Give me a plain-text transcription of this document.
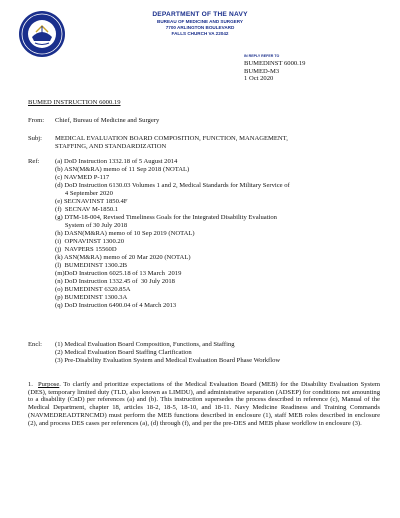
DEPARTMENT OF THE NAVY
BUREAU OF MEDICINE AND SURGERY
7700 ARLINGTON BOULEVARD
FALLS CHURCH VA 22042
IN REPLY REFER TO
BUMEDINST 6000.19
BUMED-M3
1 Oct 2020
BUMED INSTRUCTION 6000.19
From: Chief, Bureau of Medicine and Surgery
Subj: MEDICAL EVALUATION BOARD COMPOSITION, FUNCTION, MANAGEMENT,
STAFFING, AND STANDARDIZATION
Ref: (a) DoD Instruction 1332.18 of 5 August 2014
(b) ASN(M&RA) memo of 11 Sep 2018 (NOTAL)
(c) NAVMED P-117
(d) DoD Instruction 6130.03 Volumes 1 and 2, Medical Standards for Military Service of
4 September 2020
(e) SECNAVINST 1850.4F
(f)  SECNAV M-1850.1
(g) DTM-18-004, Revised Timeliness Goals for the Integrated Disability Evaluation
System of 30 July 2018
(h) DASN(M&RA) memo of 10 Sep 2019 (NOTAL)
(i)  OPNAVINST 1300.20
(j)  NAVPERS 15560D
(k) ASN(M&RA) memo of 20 Mar 2020 (NOTAL)
(l)  BUMEDINST 1300.2B
(m)DoD Instruction 6025.18 of 13 March  2019
(n) DoD Instruction 1332.45 of  30 July 2018
(o) BUMEDINST 6320.85A
(p) BUMEDINST 1300.3A
(q) DoD Instruction 6490.04 of 4 March 2013
Encl: (1) Medical Evaluation Board Composition, Functions, and Staffing
(2) Medical Evaluation Board Staffing Clarification
(3) Pre-Disability Evaluation System and Medical Evaluation Board Phase Workflow
1. Purpose. To clarify and prioritize expectations of the Medical Evaluation Board (MEB) for the Disability Evaluation System (DES), temporary limited duty (TLD, also known as LIMDU), and administrative separation (ADSEP) for conditions not amounting to a disability (CnD) per references (a) and (b). This instruction supersedes the process described in reference (c), Manual of the Medical Department, chapter 18, articles 18-2, 18-5, 18-10, and 18-11. Navy Medicine Readiness and Training Commands (NAVMEDREADTRNCMD) must perform the MEB functions described in enclosure (1), staff MEB roles described in enclosure (2), and process DES cases per references (a), (d) through (f), and per the pre-DES and MEB phase workflow in enclosure (3).
